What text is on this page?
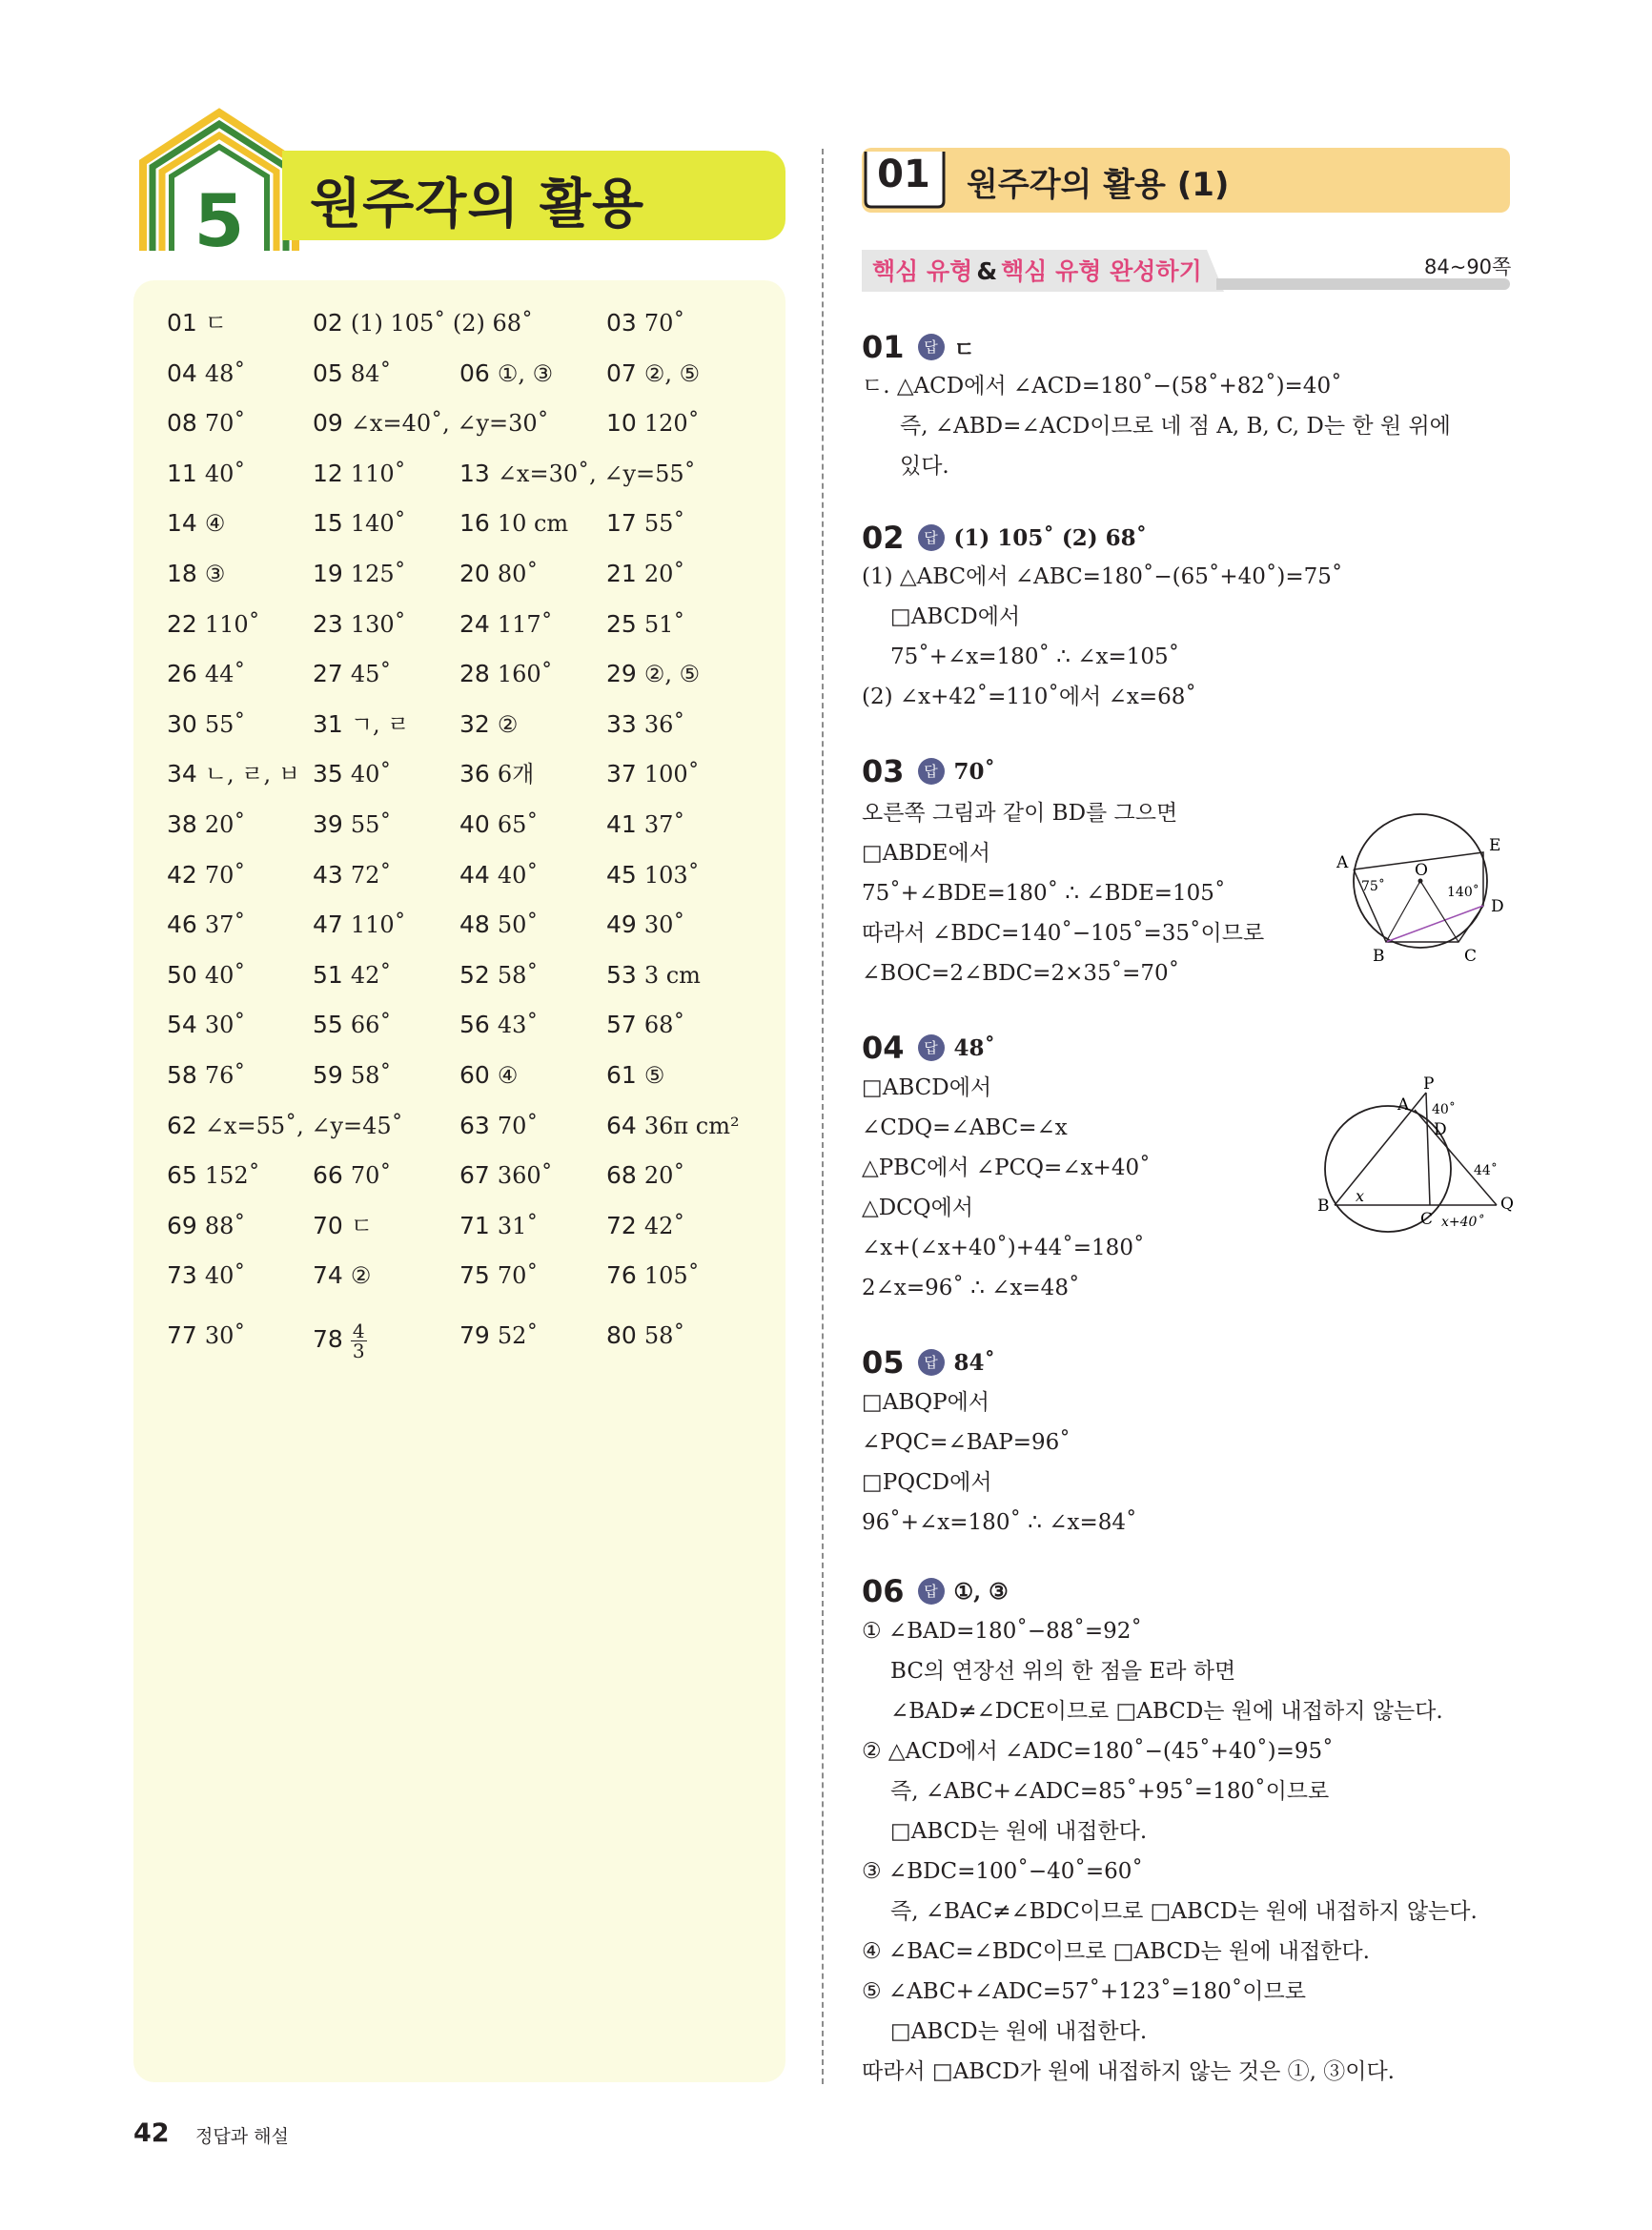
5 원주각의 활용
01 ㄷ	02 (1) 105˚ (2) 68˚	03 70˚
04 48˚	05 84˚	06 ①, ③ 07 ②, ⑤
08 70˚	09 ∠x=40˚, ∠y=30˚ 10 120˚
11 40˚	12 110˚ 13 ∠x=30˚, ∠y=55˚
14 ④	15 140˚ 16 10 cm 17 55˚
18 ③	19 125˚ 20 80˚	21 20˚
22 110˚ 23 130˚ 24 117˚ 25 51˚
26 44˚	27 45˚	28 160˚ 29 ②, ⑤
30 55˚	31 ㄱ, ㄹ 32 ②	33 36˚
34 ㄴ, ㄹ, ㅂ 35 40˚	36 6개	37 100˚
38 20˚	39 55˚	40 65˚	41 37˚
42 70˚	43 72˚	44 40˚	45 103˚
46 37˚	47 110˚ 48 50˚	49 30˚
50 40˚	51 42˚	52 58˚	53 3 cm
54 30˚	55 66˚	56 43˚	57 68˚
58 76˚	59 58˚	60 ④	61 ⑤
62 ∠x=55˚, ∠y=45˚ 63 70˚	64 36π cm²
65 152˚ 66 70˚	67 360˚ 68 20˚
69 88˚	70 ㄷ	71 31˚	72 42˚
73 40˚	74 ②	75 70˚	76 105˚
77 30˚	$78 \frac{4}{3}$	79 52˚	80 58˚
01	원주각의 활용 (1)
핵심 유형 & 핵심 유형 완성하기	84~90쪽
01	답 ㄷ
ㄷ. △ACD에서 ∠ACD=180˚−(58˚+82˚)=40˚
즉, ∠ABD=∠ACD이므로 네 점 A, B, C, D는 한 원 위에
있다.
02	답 (1) 105˚ (2) 68˚
(1) △ABC에서 ∠ABC=180˚−(65˚+40˚)=75˚
□ABCD에서
75˚+∠x=180˚ ∴ ∠x=105˚
(2) ∠x+42˚=110˚에서 ∠x=68˚
03	답 70˚
오른쪽 그림과 같이 BD를 그으면
□ABDE에서
75˚+∠BDE=180˚ ∴ ∠BDE=105˚
따라서 ∠BDC=140˚−105˚=35˚이므로
∠BOC=2∠BDC=2×35˚=70˚
04	답 48˚
□ABCD에서
∠CDQ=∠ABC=∠x
△PBC에서 ∠PCQ=∠x+40˚
△DCQ에서
∠x+(∠x+40˚)+44˚=180˚
2∠x=96˚ ∴ ∠x=48˚
05	답 84˚
□ABQP에서
∠PQC=∠BAP=96˚
□PQCD에서
96˚+∠x=180˚ ∴ ∠x=84˚
06	답 ①, ③
① ∠BAD=180˚−88˚=92˚
BC의 연장선 위의 한 점을 E라 하면
∠BAD≠∠DCE이므로 □ABCD는 원에 내접하지 않는다.
② △ACD에서 ∠ADC=180˚−(45˚+40˚)=95˚
즉, ∠ABC+∠ADC=85˚+95˚=180˚이므로
□ABCD는 원에 내접한다.
③ ∠BDC=100˚−40˚=60˚
즉, ∠BAC≠∠BDC이므로 □ABCD는 원에 내접하지 않는다.
④ ∠BAC=∠BDC이므로 □ABCD는 원에 내접한다.
⑤ ∠ABC+∠ADC=57˚+123˚=180˚이므로
□ABCD는 원에 내접한다.
따라서 □ABCD가 원에 내접하지 않는 것은 ①, ③이다.
A
E
O
D
B	C
75˚	140˚
P
A
D
B
C
Q
40˚
44˚
x
x+40˚
42 정답과 해설
